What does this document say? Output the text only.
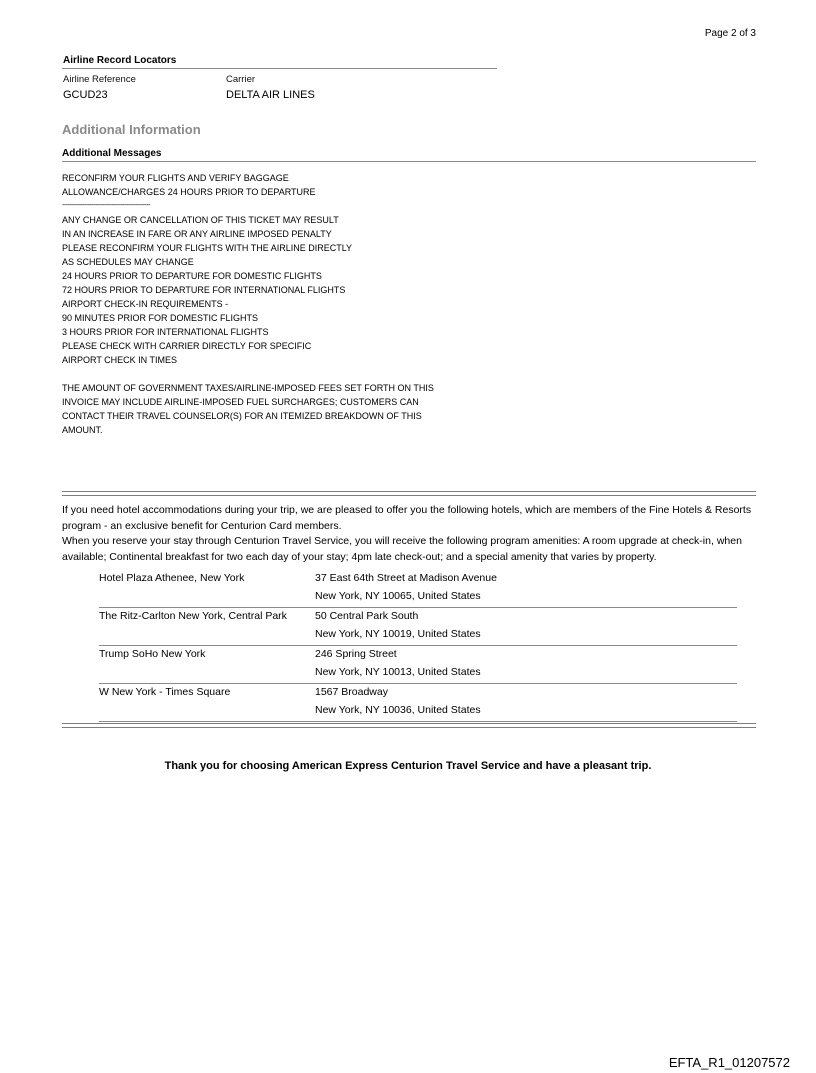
Page 2 of 3
Airline Record Locators
Airline Reference	Carrier
GCUD23	DELTA AIR LINES
Additional Information
Additional Messages
RECONFIRM YOUR FLIGHTS AND VERIFY BAGGAGE
ALLOWANCE/CHARGES 24 HOURS PRIOR TO DEPARTURE
------------------------------------------------
ANY CHANGE OR CANCELLATION OF THIS TICKET MAY RESULT
IN AN INCREASE IN FARE OR ANY AIRLINE IMPOSED PENALTY
PLEASE RECONFIRM YOUR FLIGHTS WITH THE AIRLINE DIRECTLY
AS SCHEDULES MAY CHANGE
24 HOURS PRIOR TO DEPARTURE FOR DOMESTIC FLIGHTS
72 HOURS PRIOR TO DEPARTURE FOR INTERNATIONAL FLIGHTS
AIRPORT CHECK-IN REQUIREMENTS -
90 MINUTES PRIOR FOR DOMESTIC FLIGHTS
3 HOURS PRIOR FOR INTERNATIONAL FLIGHTS
PLEASE CHECK WITH CARRIER DIRECTLY FOR SPECIFIC
AIRPORT CHECK IN TIMES
THE AMOUNT OF GOVERNMENT TAXES/AIRLINE-IMPOSED FEES SET FORTH ON THIS
INVOICE MAY INCLUDE AIRLINE-IMPOSED FUEL SURCHARGES; CUSTOMERS CAN
CONTACT THEIR TRAVEL COUNSELOR(S) FOR AN ITEMIZED BREAKDOWN OF THIS
AMOUNT.
If you need hotel accommodations during your trip, we are pleased to offer you the following hotels, which are members of the Fine Hotels & Resorts program - an exclusive benefit for Centurion Card members.
When you reserve your stay through Centurion Travel Service, you will receive the following program amenities: A room upgrade at check-in, when available; Continental breakfast for two each day of your stay; 4pm late check-out; and a special amenity that varies by property.
Hotel Plaza Athenee, New York	37 East 64th Street at Madison Avenue
New York, NY 10065, United States
The Ritz-Carlton New York, Central Park	50 Central Park South
New York, NY 10019, United States
Trump SoHo New York	246 Spring Street
New York, NY 10013, United States
W New York - Times Square	1567 Broadway
New York, NY 10036, United States
Thank you for choosing American Express Centurion Travel Service and have a pleasant trip.
EFTA_R1_01207572
